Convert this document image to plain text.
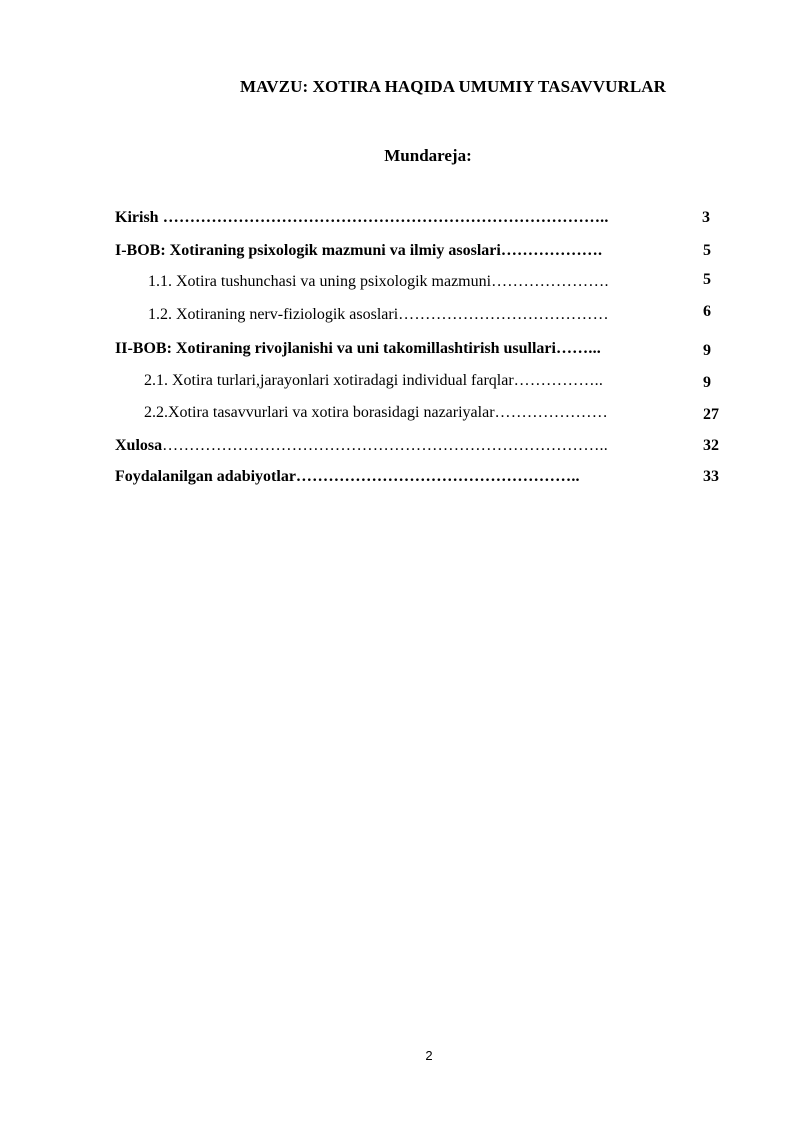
MAVZU: XOTIRA HAQIDA UMUMIY TASAVVURLAR
Mundareja:
Kirish ………………………………………………………………………..	3
I-BOB: Xotiraning psixologik mazmuni va ilmiy asoslari……………….	5
1.1. Xotira tushunchasi va uning psixologik mazmuni………………….	5
1.2. Xotiraning nerv-fiziologik asoslari…………………………………	6
II-BOB: Xotiraning rivojlanishi va uni takomillashtirish usullari……...	9
2.1. Xotira turlari,jarayonlari xotiradagi individual farqlar……………..	9
2.2.Xotira tasavvurlari va xotira borasidagi nazariyalar…………………	27
Xulosa………………………………………………………………………..	32
Foydalanilgan adabiyotlar……………………………………………..	33
2
